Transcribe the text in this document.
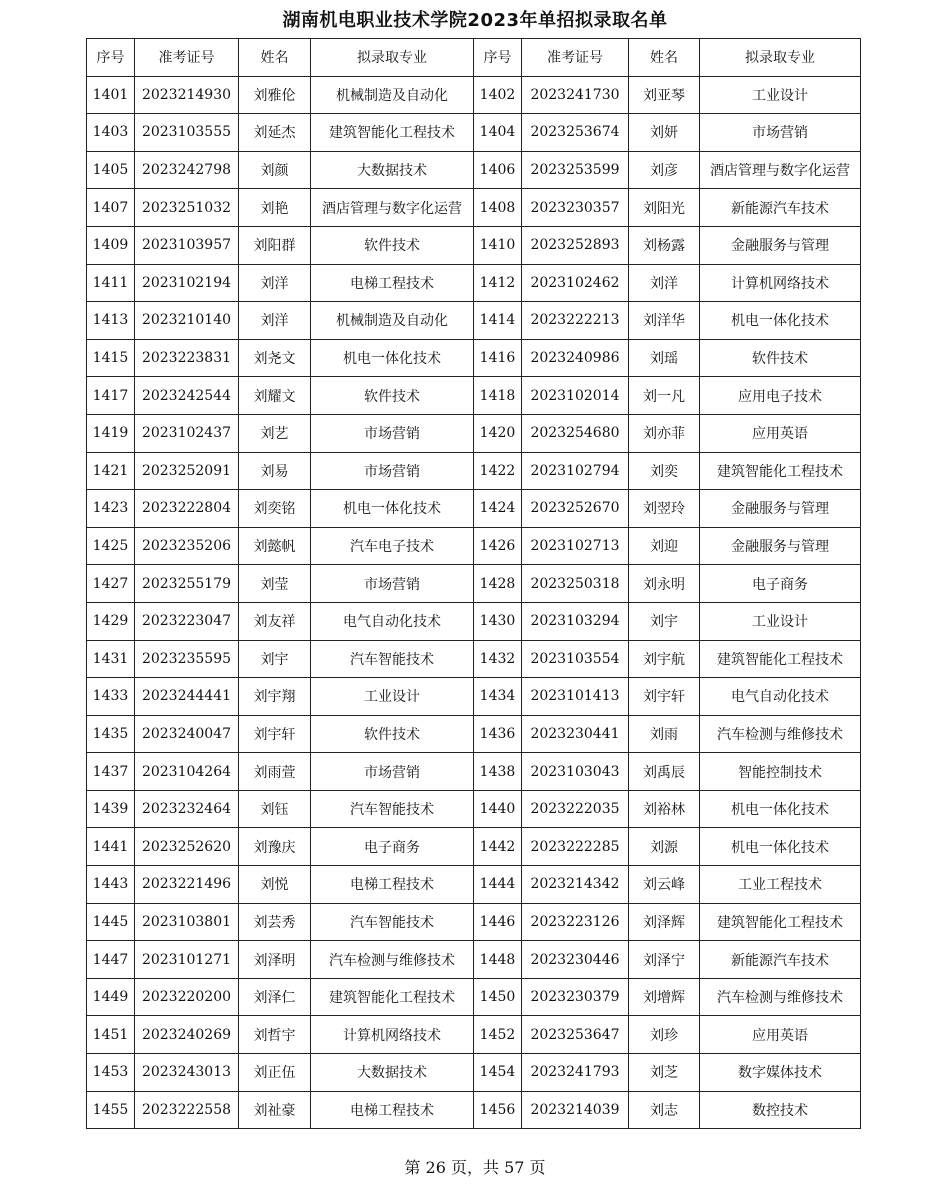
湖南机电职业技术学院2023年单招拟录取名单
序号	准考证号	姓名	拟录取专业	序号	准考证号	姓名	拟录取专业
1401	2023214930	刘雅伦	机械制造及自动化	1402	2023241730	刘亚琴	工业设计
1403	2023103555	刘延杰	建筑智能化工程技术	1404	2023253674	刘妍	市场营销
1405	2023242798	刘颜	大数据技术	1406	2023253599	刘彦	酒店管理与数字化运营
1407	2023251032	刘艳	酒店管理与数字化运营	1408	2023230357	刘阳光	新能源汽车技术
1409	2023103957	刘阳群	软件技术	1410	2023252893	刘杨露	金融服务与管理
1411	2023102194	刘洋	电梯工程技术	1412	2023102462	刘洋	计算机网络技术
1413	2023210140	刘洋	机械制造及自动化	1414	2023222213	刘洋华	机电一体化技术
1415	2023223831	刘尧文	机电一体化技术	1416	2023240986	刘瑶	软件技术
1417	2023242544	刘耀文	软件技术	1418	2023102014	刘一凡	应用电子技术
1419	2023102437	刘艺	市场营销	1420	2023254680	刘亦菲	应用英语
1421	2023252091	刘易	市场营销	1422	2023102794	刘奕	建筑智能化工程技术
1423	2023222804	刘奕铭	机电一体化技术	1424	2023252670	刘翌玲	金融服务与管理
1425	2023235206	刘懿帆	汽车电子技术	1426	2023102713	刘迎	金融服务与管理
1427	2023255179	刘莹	市场营销	1428	2023250318	刘永明	电子商务
1429	2023223047	刘友祥	电气自动化技术	1430	2023103294	刘宇	工业设计
1431	2023235595	刘宇	汽车智能技术	1432	2023103554	刘宇航	建筑智能化工程技术
1433	2023244441	刘宇翔	工业设计	1434	2023101413	刘宇轩	电气自动化技术
1435	2023240047	刘宇轩	软件技术	1436	2023230441	刘雨	汽车检测与维修技术
1437	2023104264	刘雨萱	市场营销	1438	2023103043	刘禹辰	智能控制技术
1439	2023232464	刘钰	汽车智能技术	1440	2023222035	刘裕林	机电一体化技术
1441	2023252620	刘豫庆	电子商务	1442	2023222285	刘源	机电一体化技术
1443	2023221496	刘悦	电梯工程技术	1444	2023214342	刘云峰	工业工程技术
1445	2023103801	刘芸秀	汽车智能技术	1446	2023223126	刘泽辉	建筑智能化工程技术
1447	2023101271	刘泽明	汽车检测与维修技术	1448	2023230446	刘泽宁	新能源汽车技术
1449	2023220200	刘泽仁	建筑智能化工程技术	1450	2023230379	刘增辉	汽车检测与维修技术
1451	2023240269	刘哲宇	计算机网络技术	1452	2023253647	刘珍	应用英语
1453	2023243013	刘正伍	大数据技术	1454	2023241793	刘芝	数字媒体技术
1455	2023222558	刘祉豪	电梯工程技术	1456	2023214039	刘志	数控技术
第 26 页，共 57 页
